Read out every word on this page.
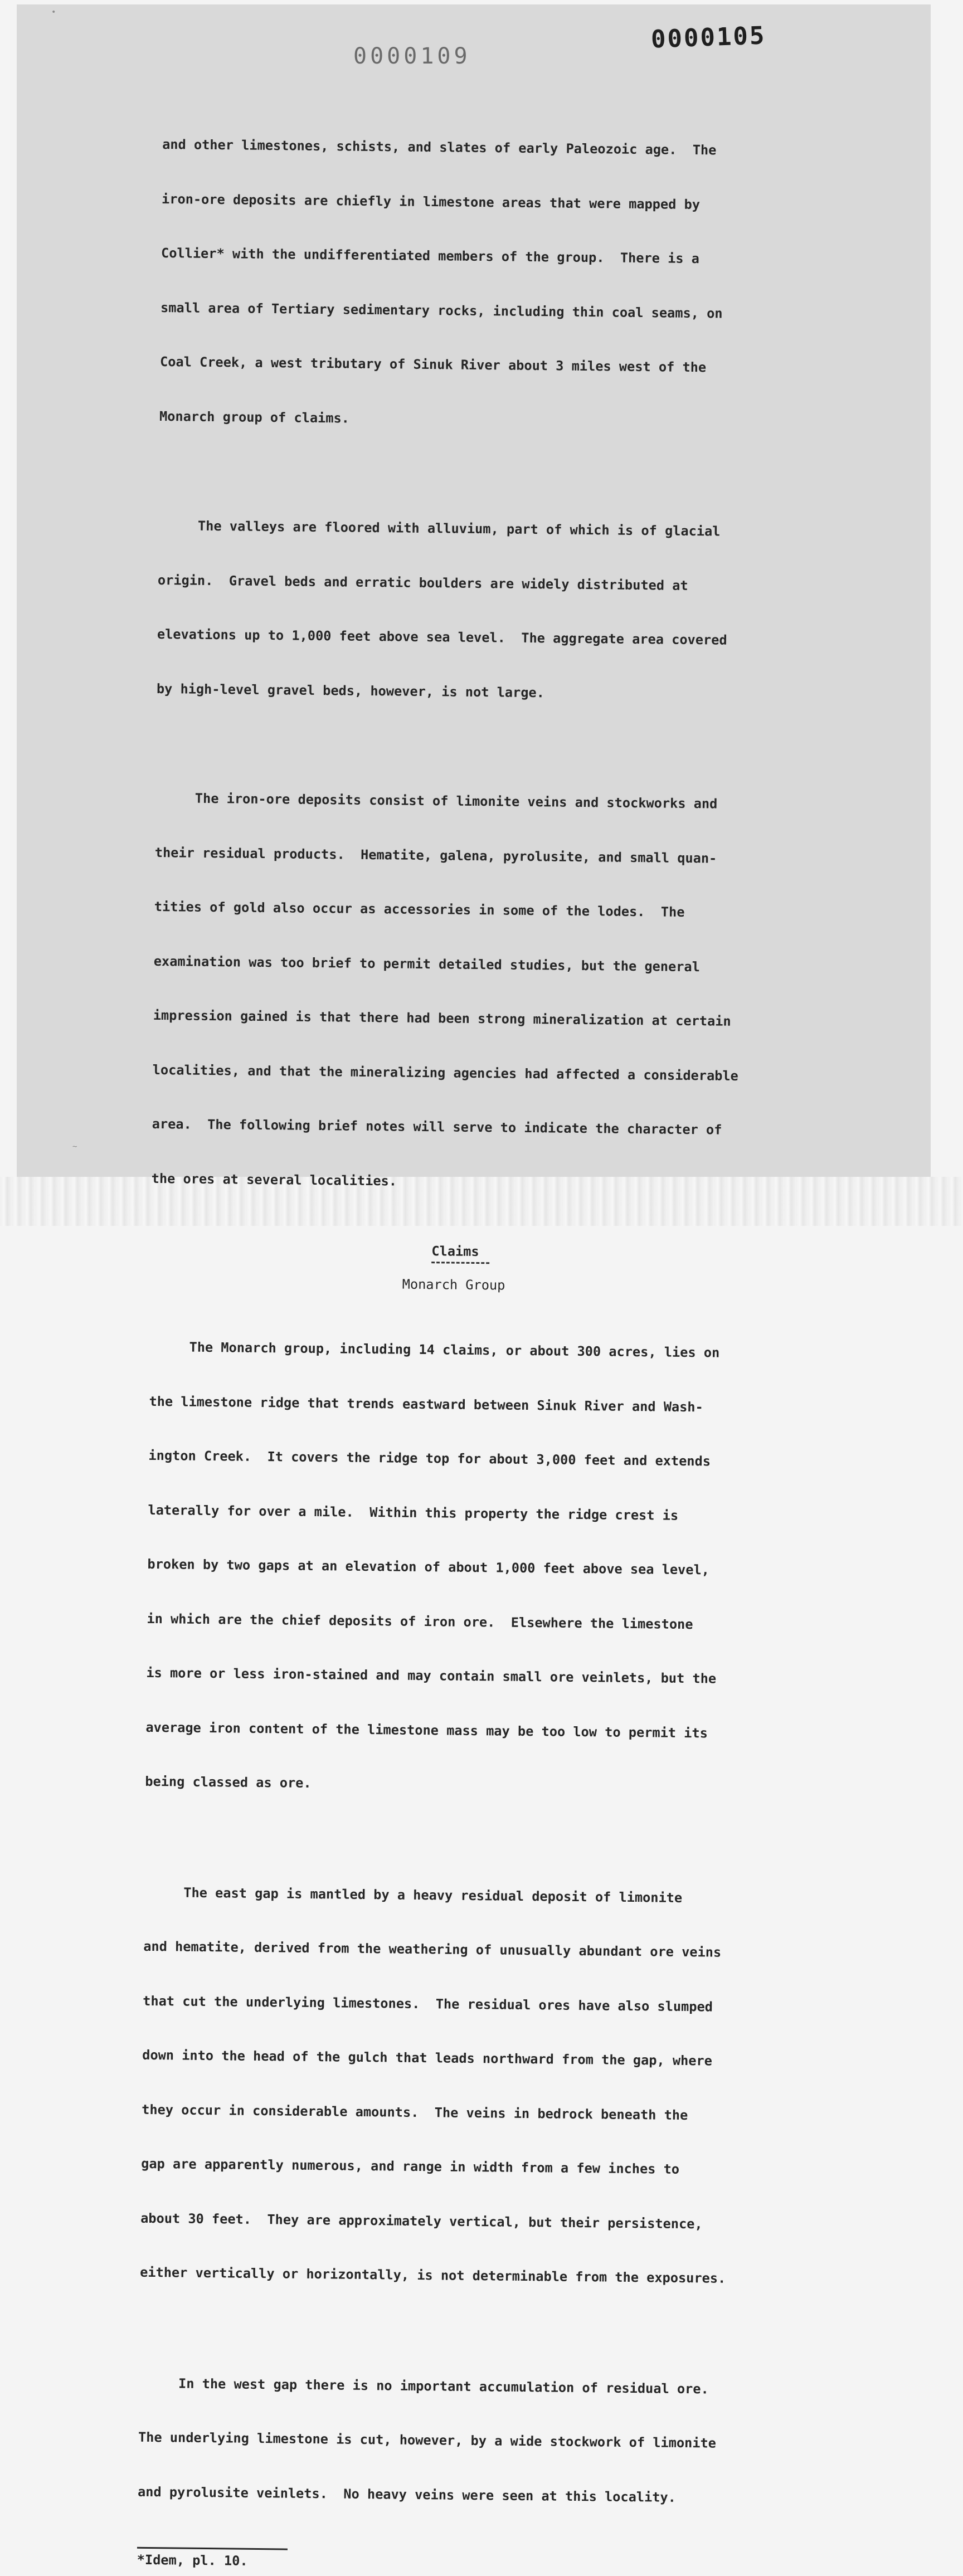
•
~
0000109
0000105

and other limestones, schists, and slates of early Paleozoic age.  The

iron-ore deposits are chiefly in limestone areas that were mapped by

Collier* with the undifferentiated members of the group.  There is a

small area of Tertiary sedimentary rocks, including thin coal seams, on

Coal Creek, a west tributary of Sinuk River about 3 miles west of the

Monarch group of claims.

The valleys are floored with alluvium, part of which is of glacial

origin.  Gravel beds and erratic boulders are widely distributed at

elevations up to 1,000 feet above sea level.  The aggregate area covered

by high-level gravel beds, however, is not large.

The iron-ore deposits consist of limonite veins and stockworks and

their residual products.  Hematite, galena, pyrolusite, and small quan-

tities of gold also occur as accessories in some of the lodes.  The

examination was too brief to permit detailed studies, but the general

impression gained is that there had been strong mineralization at certain

localities, and that the mineralizing agencies had affected a considerable

area.  The following brief notes will serve to indicate the character of

the ores at several localities.

Claims
Monarch Group

The Monarch group, including 14 claims, or about 300 acres, lies on

the limestone ridge that trends eastward between Sinuk River and Wash-

ington Creek.  It covers the ridge top for about 3,000 feet and extends

laterally for over a mile.  Within this property the ridge crest is

broken by two gaps at an elevation of about 1,000 feet above sea level,

in which are the chief deposits of iron ore.  Elsewhere the limestone

is more or less iron-stained and may contain small ore veinlets, but the

average iron content of the limestone mass may be too low to permit its

being classed as ore.

The east gap is mantled by a heavy residual deposit of limonite

and hematite, derived from the weathering of unusually abundant ore veins

that cut the underlying limestones.  The residual ores have also slumped

down into the head of the gulch that leads northward from the gap, where

they occur in considerable amounts.  The veins in bedrock beneath the

gap are apparently numerous, and range in width from a few inches to

about 30 feet.  They are approximately vertical, but their persistence,

either vertically or horizontally, is not determinable from the exposures.

In the west gap there is no important accumulation of residual ore.

The underlying limestone is cut, however, by a wide stockwork of limonite

and pyrolusite veinlets.  No heavy veins were seen at this locality.

*Idem, pl. 10.
